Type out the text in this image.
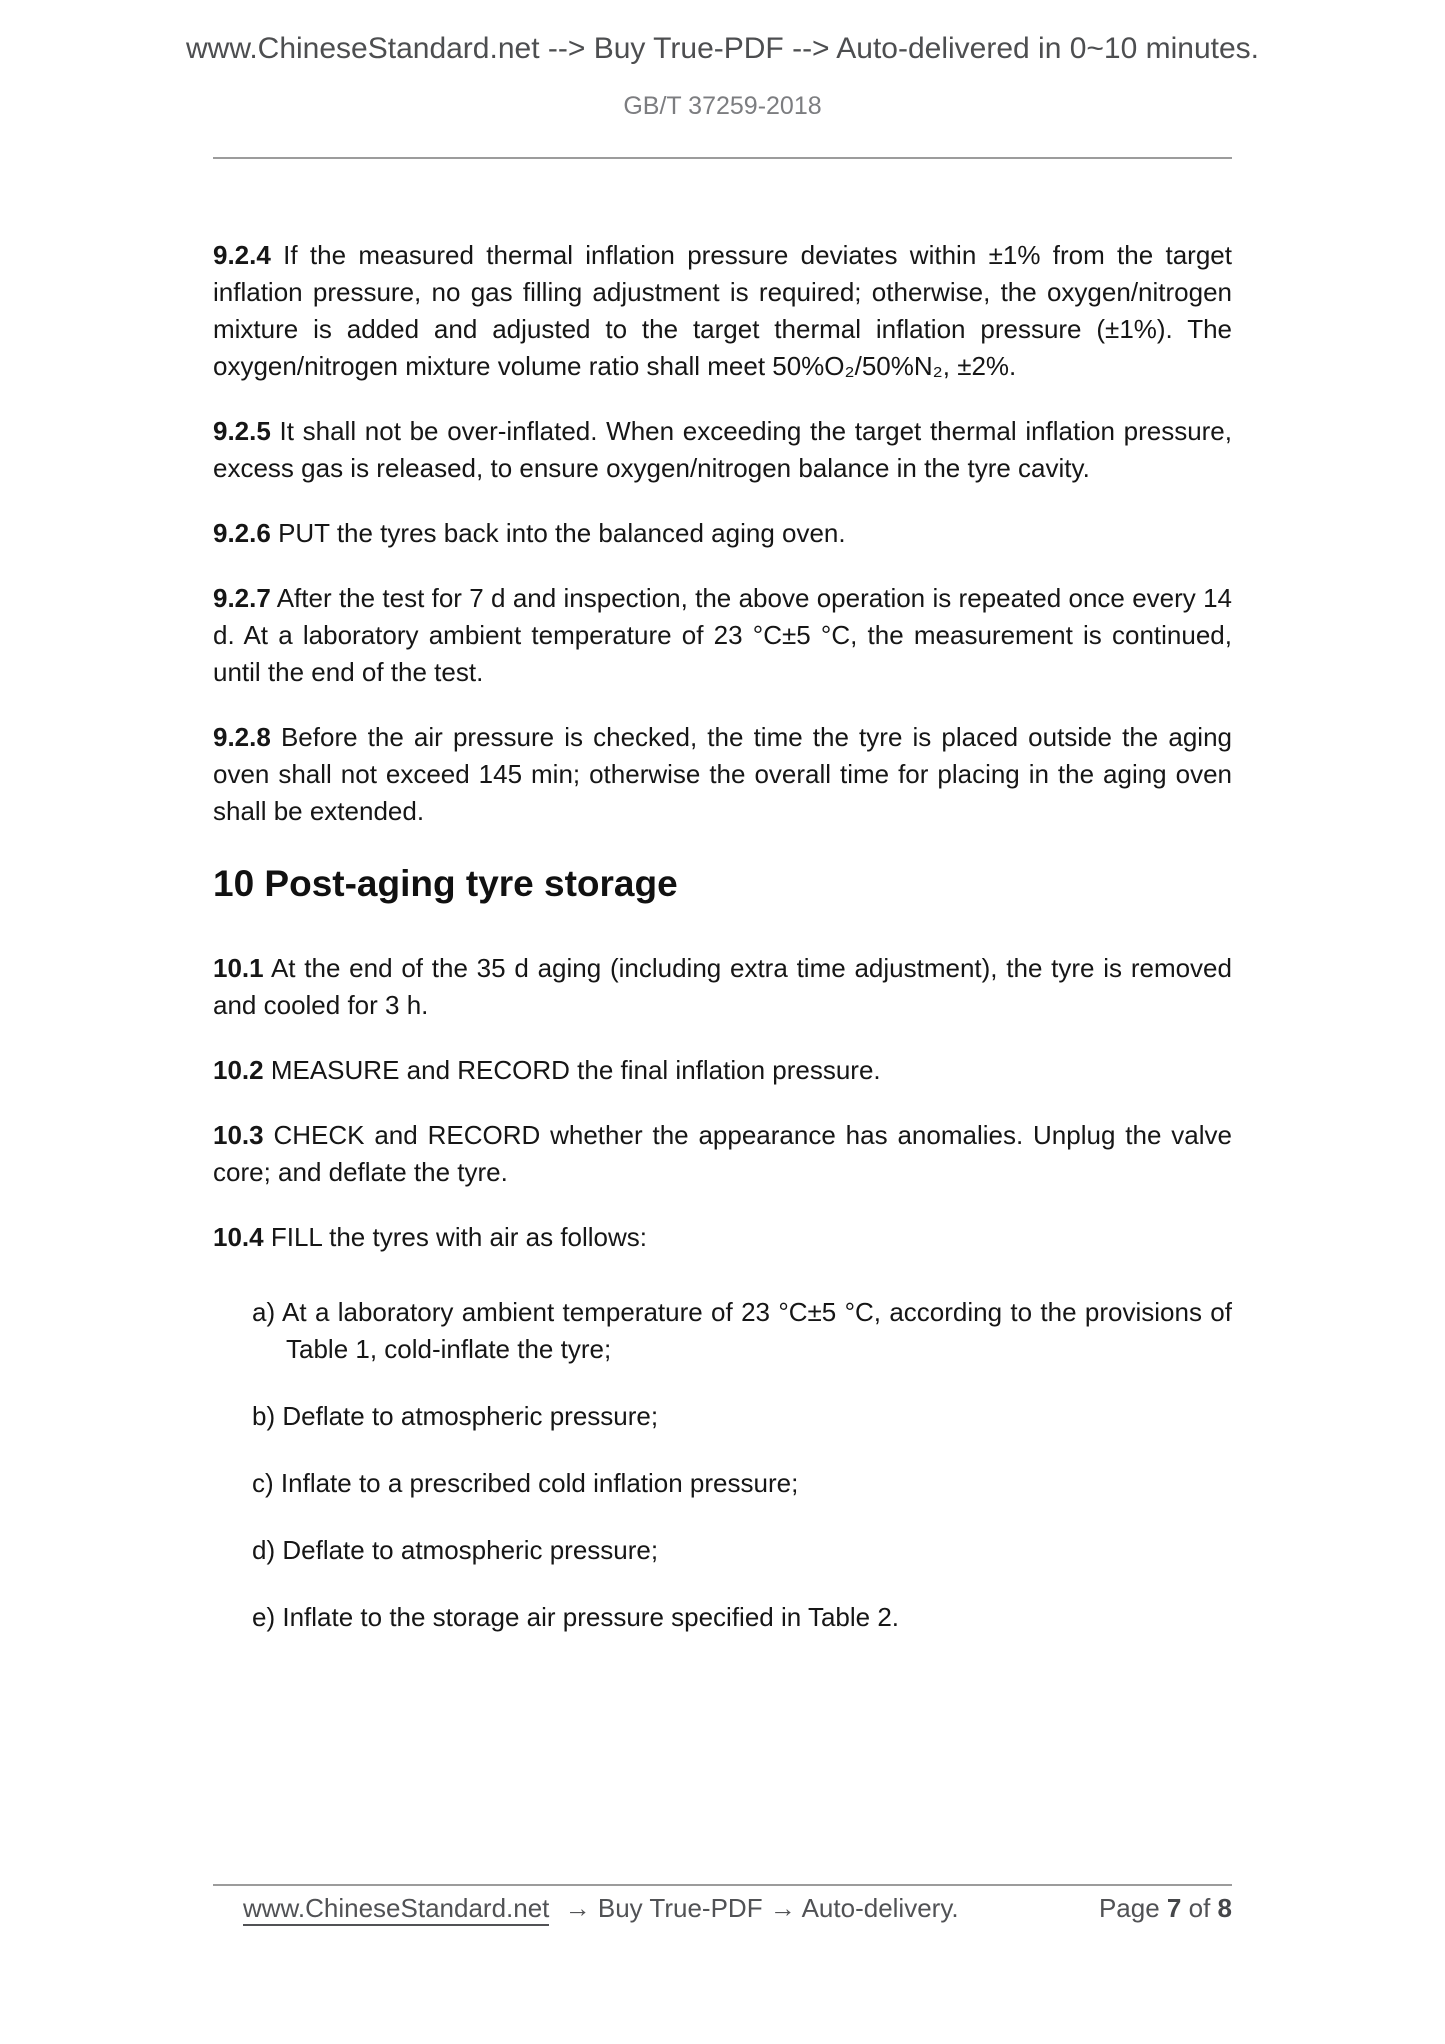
www.ChineseStandard.net --> Buy True-PDF --> Auto-delivered in 0~10 minutes.
GB/T 37259-2018

9.2.4 If the measured thermal inflation pressure deviates within ±1% from the target inflation pressure, no gas filling adjustment is required; otherwise, the oxygen/nitrogen mixture is added and adjusted to the target thermal inflation pressure (±1%). The oxygen/nitrogen mixture volume ratio shall meet 50%O₂/50%N₂, ±2%.

9.2.5 It shall not be over-inflated. When exceeding the target thermal inflation pressure, excess gas is released, to ensure oxygen/nitrogen balance in the tyre cavity.

9.2.6 PUT the tyres back into the balanced aging oven.

9.2.7 After the test for 7 d and inspection, the above operation is repeated once every 14 d. At a laboratory ambient temperature of 23 °C±5 °C, the measurement is continued, until the end of the test.

9.2.8 Before the air pressure is checked, the time the tyre is placed outside the aging oven shall not exceed 145 min; otherwise the overall time for placing in the aging oven shall be extended.

10 Post-aging tyre storage

10.1 At the end of the 35 d aging (including extra time adjustment), the tyre is removed and cooled for 3 h.

10.2 MEASURE and RECORD the final inflation pressure.

10.3 CHECK and RECORD whether the appearance has anomalies. Unplug the valve core; and deflate the tyre.

10.4 FILL the tyres with air as follows:

a) At a laboratory ambient temperature of 23 °C±5 °C, according to the provisions of Table 1, cold-inflate the tyre;
b) Deflate to atmospheric pressure;
c) Inflate to a prescribed cold inflation pressure;
d) Deflate to atmospheric pressure;
e) Inflate to the storage air pressure specified in Table 2.
www.ChineseStandard.net → Buy True-PDF → Auto-delivery.	Page 7 of 8
